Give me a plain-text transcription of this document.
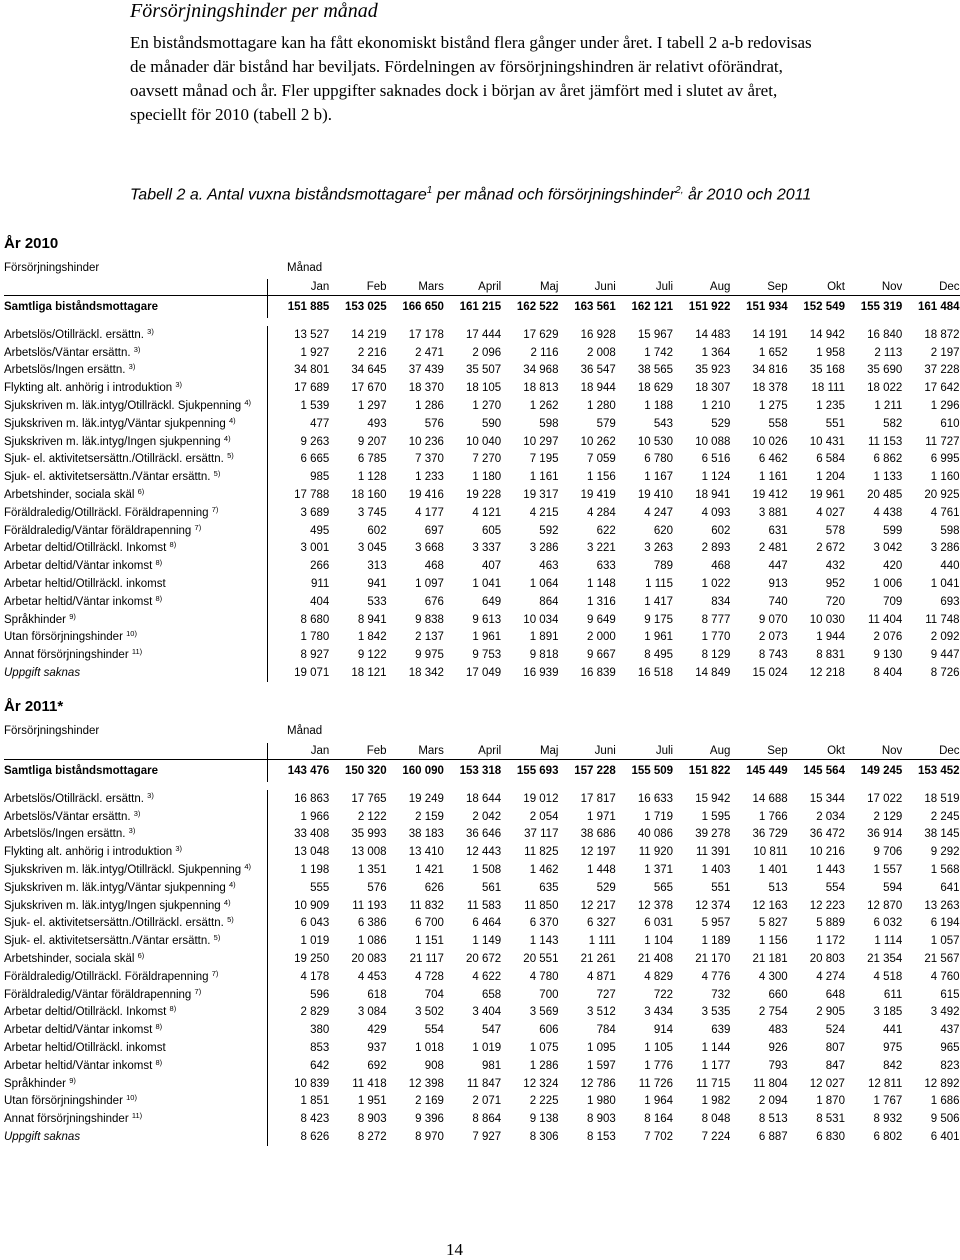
Försörjningshinder per månad
En biståndsmottagare kan ha fått ekonomiskt bistånd flera gånger under året. I tabell 2 a-b redovisas de månader där bistånd har beviljats. Fördelningen av försörjningshindren är relativt oförändrat, oavsett månad och år. Fler uppgifter saknades dock i början av året jämfört med i slutet av året, speciellt för 2010 (tabell 2 b).
Tabell 2 a. Antal vuxna biståndsmottagare$^1$ per månad och försörjningshinder$^{2,}$ år 2010 och 2011
År 2010
Försörjningshinder	Månad
		Jan	Feb	Mars	April	Maj	Juni	Juli	Aug	Sep	Okt	Nov	Dec
Samtliga biståndsmottagare		151 885	153 025	166 650	161 215	162 522	163 561	162 121	151 922	151 934	152 549	155 319	161 484

Arbetslös/Otillräckl. ersättn. $^{3)}$		13 527	14 219	17 178	17 444	17 629	16 928	15 967	14 483	14 191	14 942	16 840	18 872
Arbetslös/Väntar ersättn. $^{3)}$		1 927	2 216	2 471	2 096	2 116	2 008	1 742	1 364	1 652	1 958	2 113	2 197
Arbetslös/Ingen ersättn. $^{3)}$		34 801	34 645	37 439	35 507	34 968	36 547	38 565	35 923	34 816	35 168	35 690	37 228
Flykting alt. anhörig i introduktion $^{3)}$		17 689	17 670	18 370	18 105	18 813	18 944	18 629	18 307	18 378	18 111	18 022	17 642
Sjukskriven m. läk.intyg/Otillräckl. Sjukpenning $^{4)}$		1 539	1 297	1 286	1 270	1 262	1 280	1 188	1 210	1 275	1 235	1 211	1 296
Sjukskriven m. läk.intyg/Väntar sjukpenning $^{4)}$		477	493	576	590	598	579	543	529	558	551	582	610
Sjukskriven m. läk.intyg/Ingen sjukpenning $^{4)}$		9 263	9 207	10 236	10 040	10 297	10 262	10 530	10 088	10 026	10 431	11 153	11 727
Sjuk- el. aktivitetsersättn./Otillräckl. ersättn. $^{5)}$		6 665	6 785	7 370	7 270	7 195	7 059	6 780	6 516	6 462	6 584	6 862	6 995
Sjuk- el. aktivitetsersättn./Väntar ersättn. $^{5)}$		985	1 128	1 233	1 180	1 161	1 156	1 167	1 124	1 161	1 204	1 133	1 160
Arbetshinder, sociala skäl $^{6)}$		17 788	18 160	19 416	19 228	19 317	19 419	19 410	18 941	19 412	19 961	20 485	20 925
Föräldraledig/Otillräckl. Föräldrapenning $^{7)}$		3 689	3 745	4 177	4 121	4 215	4 284	4 247	4 093	3 881	4 027	4 438	4 761
Föräldraledig/Väntar föräldrapenning $^{7)}$		495	602	697	605	592	622	620	602	631	578	599	598
Arbetar deltid/Otillräckl. Inkomst $^{8)}$		3 001	3 045	3 668	3 337	3 286	3 221	3 263	2 893	2 481	2 672	3 042	3 286
Arbetar deltid/Väntar inkomst $^{8)}$		266	313	468	407	463	633	789	468	447	432	420	440
Arbetar heltid/Otillräckl. inkomst		911	941	1 097	1 041	1 064	1 148	1 115	1 022	913	952	1 006	1 041
Arbetar heltid/Väntar inkomst $^{8)}$		404	533	676	649	864	1 316	1 417	834	740	720	709	693
Språkhinder $^{9)}$		8 680	8 941	9 838	9 613	10 034	9 649	9 175	8 777	9 070	10 030	11 404	11 748
Utan försörjningshinder $^{10)}$		1 780	1 842	2 137	1 961	1 891	2 000	1 961	1 770	2 073	1 944	2 076	2 092
Annat försörjningshinder $^{11)}$		8 927	9 122	9 975	9 753	9 818	9 667	8 495	8 129	8 743	8 831	9 130	9 447
Uppgift saknas		19 071	18 121	18 342	17 049	16 939	16 839	16 518	14 849	15 024	12 218	8 404	8 726
År 2011*
Försörjningshinder	Månad
		Jan	Feb	Mars	April	Maj	Juni	Juli	Aug	Sep	Okt	Nov	Dec
Samtliga biståndsmottagare		143 476	150 320	160 090	153 318	155 693	157 228	155 509	151 822	145 449	145 564	149 245	153 452

Arbetslös/Otillräckl. ersättn. $^{3)}$		16 863	17 765	19 249	18 644	19 012	17 817	16 633	15 942	14 688	15 344	17 022	18 519
Arbetslös/Väntar ersättn. $^{3)}$		1 966	2 122	2 159	2 042	2 054	1 971	1 719	1 595	1 766	2 034	2 129	2 245
Arbetslös/Ingen ersättn. $^{3)}$		33 408	35 993	38 183	36 646	37 117	38 686	40 086	39 278	36 729	36 472	36 914	38 145
Flykting alt. anhörig i introduktion $^{3)}$		13 048	13 008	13 410	12 443	11 825	12 197	11 920	11 391	10 811	10 216	9 706	9 292
Sjukskriven m. läk.intyg/Otillräckl. Sjukpenning $^{4)}$		1 198	1 351	1 421	1 508	1 462	1 448	1 371	1 403	1 401	1 443	1 557	1 568
Sjukskriven m. läk.intyg/Väntar sjukpenning $^{4)}$		555	576	626	561	635	529	565	551	513	554	594	641
Sjukskriven m. läk.intyg/Ingen sjukpenning $^{4)}$		10 909	11 193	11 832	11 583	11 850	12 217	12 378	12 374	12 163	12 223	12 870	13 263
Sjuk- el. aktivitetsersättn./Otillräckl. ersättn. $^{5)}$		6 043	6 386	6 700	6 464	6 370	6 327	6 031	5 957	5 827	5 889	6 032	6 194
Sjuk- el. aktivitetsersättn./Väntar ersättn. $^{5)}$		1 019	1 086	1 151	1 149	1 143	1 111	1 104	1 189	1 156	1 172	1 114	1 057
Arbetshinder, sociala skäl $^{6)}$		19 250	20 083	21 117	20 672	20 551	21 261	21 408	21 170	21 181	20 803	21 354	21 567
Föräldraledig/Otillräckl. Föräldrapenning $^{7)}$		4 178	4 453	4 728	4 622	4 780	4 871	4 829	4 776	4 300	4 274	4 518	4 760
Föräldraledig/Väntar föräldrapenning $^{7)}$		596	618	704	658	700	727	722	732	660	648	611	615
Arbetar deltid/Otillräckl. Inkomst $^{8)}$		2 829	3 084	3 502	3 404	3 569	3 512	3 434	3 535	2 754	2 905	3 185	3 492
Arbetar deltid/Väntar inkomst $^{8)}$		380	429	554	547	606	784	914	639	483	524	441	437
Arbetar heltid/Otillräckl. inkomst		853	937	1 018	1 019	1 075	1 095	1 105	1 144	926	807	975	965
Arbetar heltid/Väntar inkomst $^{8)}$		642	692	908	981	1 286	1 597	1 776	1 177	793	847	842	823
Språkhinder $^{9)}$		10 839	11 418	12 398	11 847	12 324	12 786	11 726	11 715	11 804	12 027	12 811	12 892
Utan försörjningshinder $^{10)}$		1 851	1 951	2 169	2 071	2 225	1 980	1 964	1 982	2 094	1 870	1 767	1 686
Annat försörjningshinder $^{11)}$		8 423	8 903	9 396	8 864	9 138	8 903	8 164	8 048	8 513	8 531	8 932	9 506
Uppgift saknas		8 626	8 272	8 970	7 927	8 306	8 153	7 702	7 224	6 887	6 830	6 802	6 401
14
